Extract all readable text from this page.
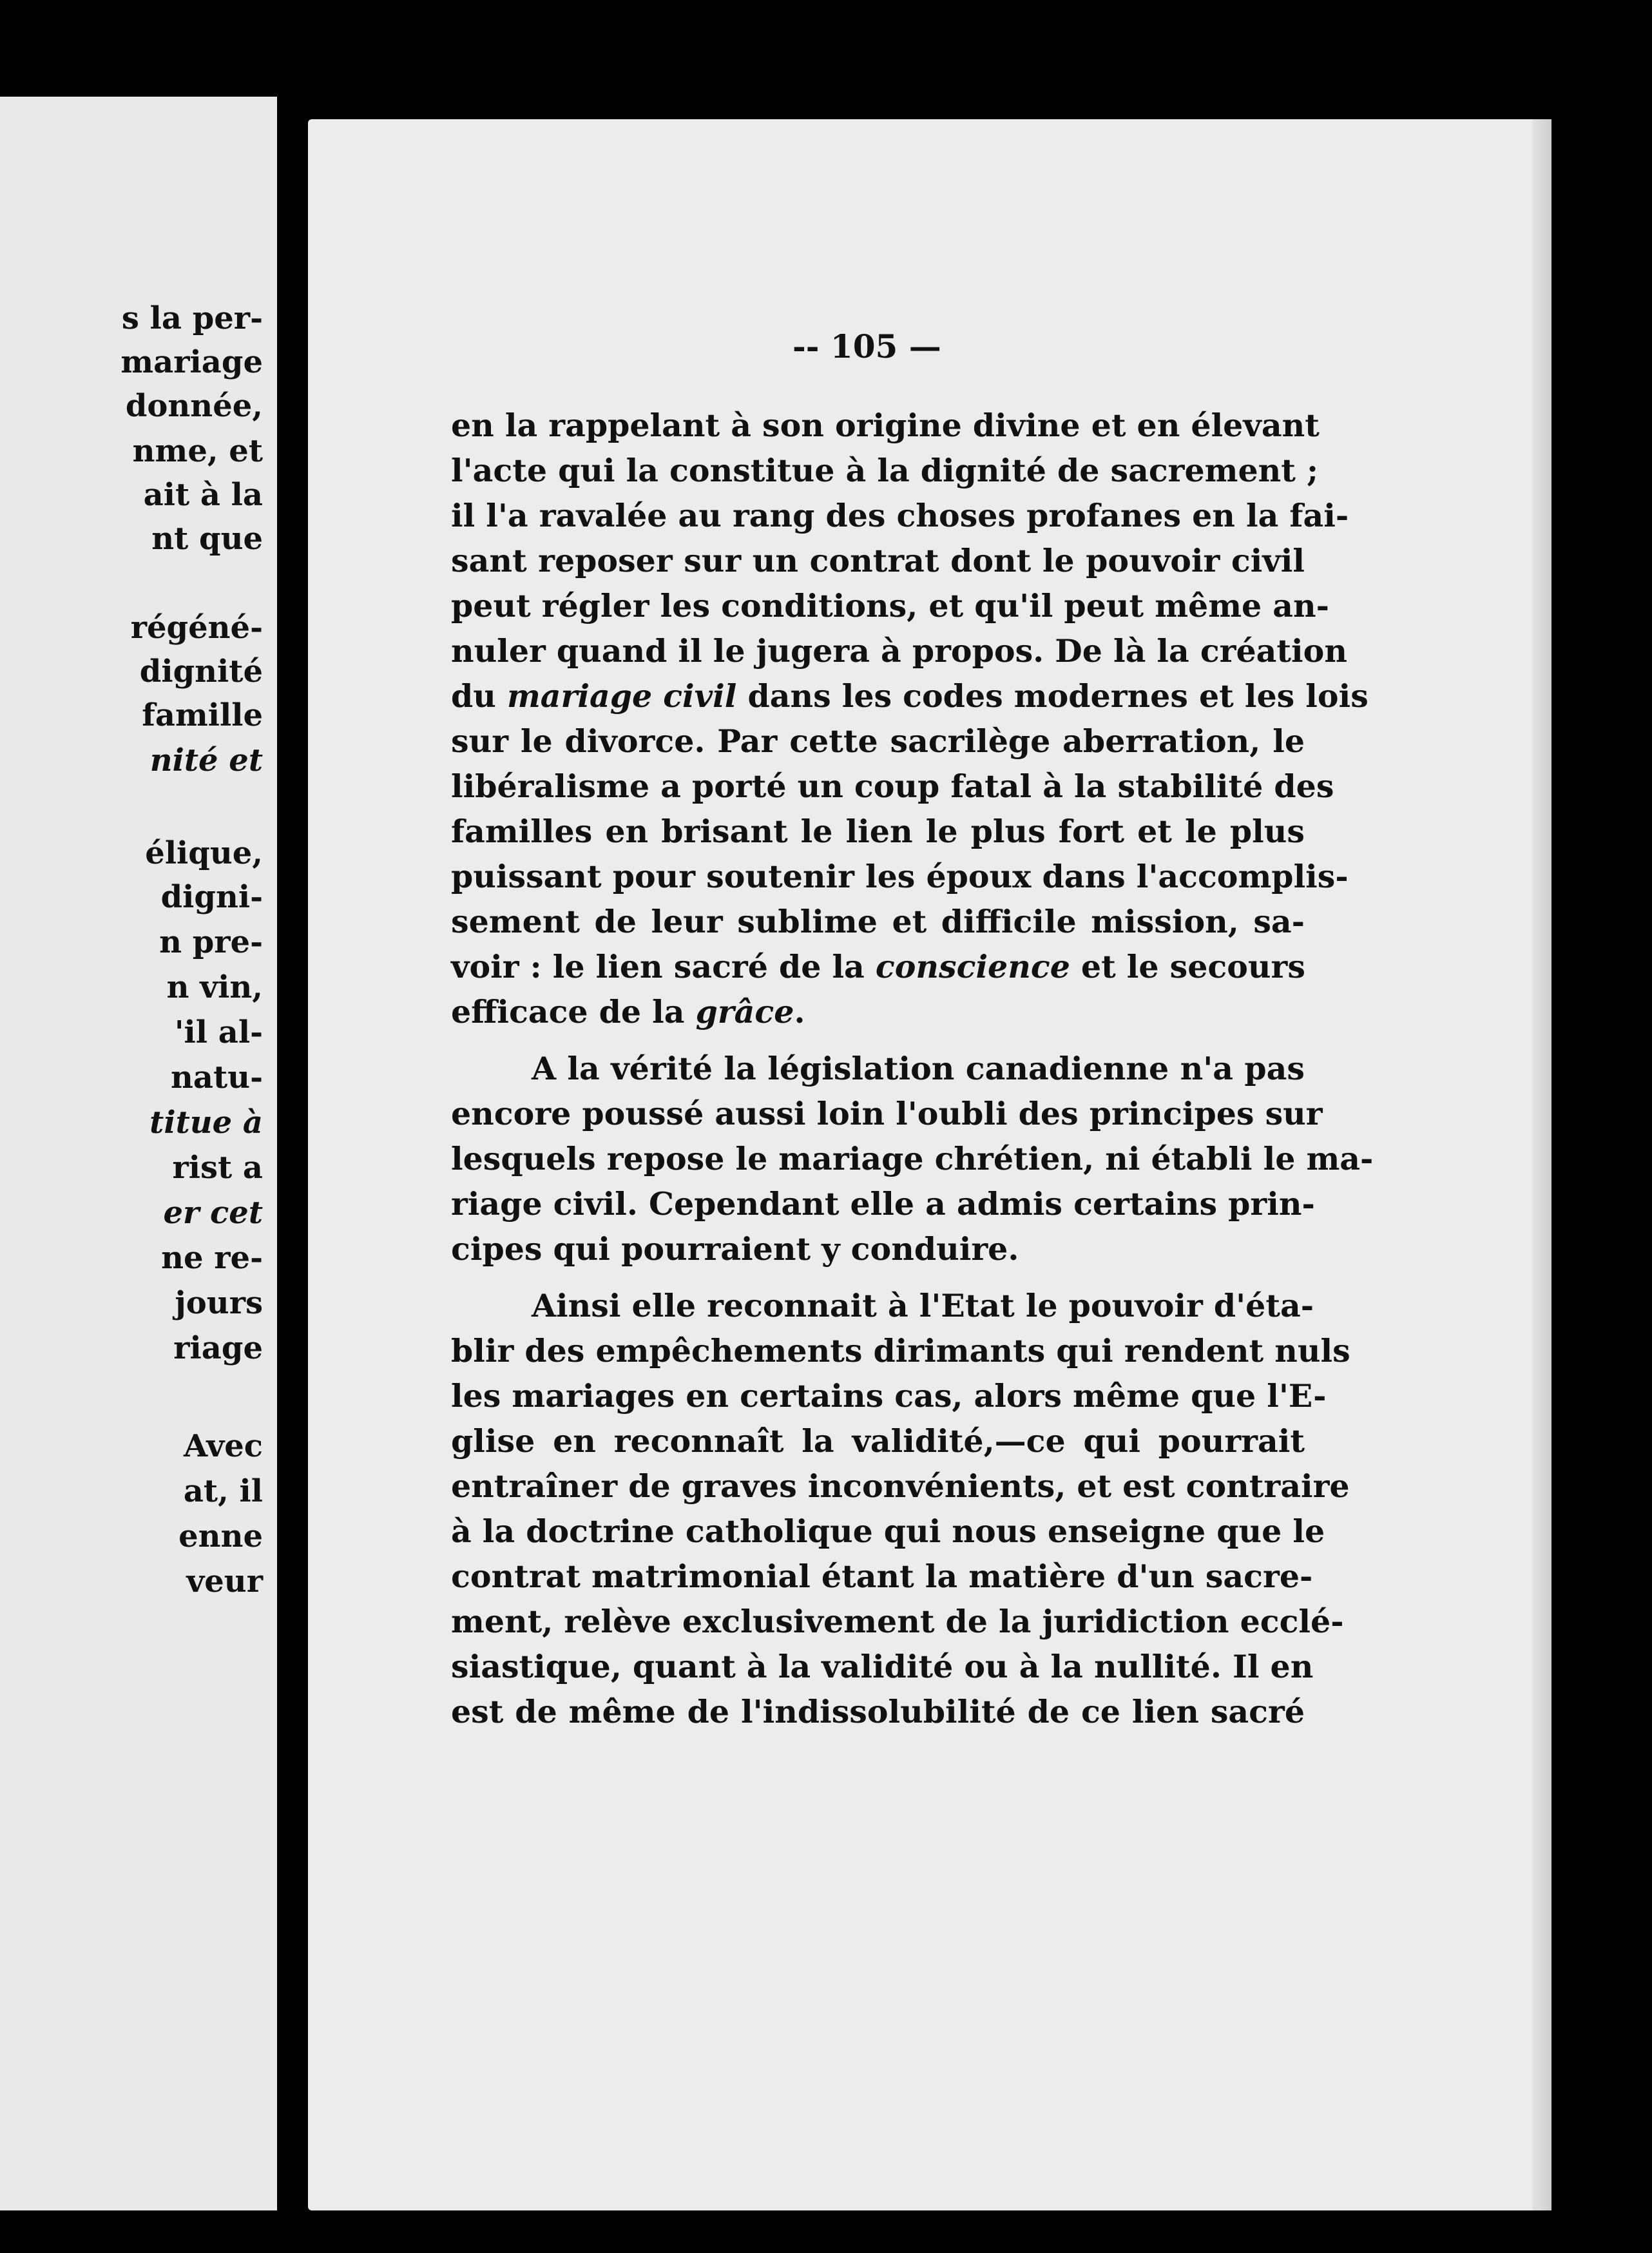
s la per-
mariage
donnée,
nme, et
ait à la
nt que
régéné-
dignité
famille
nité et
élique,
digni-
n pre-
n vin,
'il al-
natu-
titue à
rist a
er cet
ne re-
jours
riage
Avec
at, il
enne
veur
-- 105 —
en la rappelant à son origine divine et en élevant
l'acte qui la constitue à la dignité de sacrement ;
il l'a ravalée au rang des choses profanes en la fai-
sant reposer sur un contrat dont le pouvoir civil
peut régler les conditions, et qu'il peut même an-
nuler quand il le jugera à propos. De là la création
du mariage civil dans les codes modernes et les lois
sur le divorce. Par cette sacrilège aberration, le
libéralisme a porté un coup fatal à la stabilité des
familles en brisant le lien le plus fort et le plus
puissant pour soutenir les époux dans l'accomplis-
sement de leur sublime et difficile mission, sa-
voir : le lien sacré de la conscience et le secours
efficace de la grâce.
A la vérité la législation canadienne n'a pas
encore poussé aussi loin l'oubli des principes sur
lesquels repose le mariage chrétien, ni établi le ma-
riage civil. Cependant elle a admis certains prin-
cipes qui pourraient y conduire.
Ainsi elle reconnait à l'Etat le pouvoir d'éta-
blir des empêchements dirimants qui rendent nuls
les mariages en certains cas, alors même que l'E-
glise en reconnaît la validité,—ce qui pourrait
entraîner de graves inconvénients, et est contraire
à la doctrine catholique qui nous enseigne que le
contrat matrimonial étant la matière d'un sacre-
ment, relève exclusivement de la juridiction ecclé-
siastique, quant à la validité ou à la nullité. Il en
est de même de l'indissolubilité de ce lien sacré
